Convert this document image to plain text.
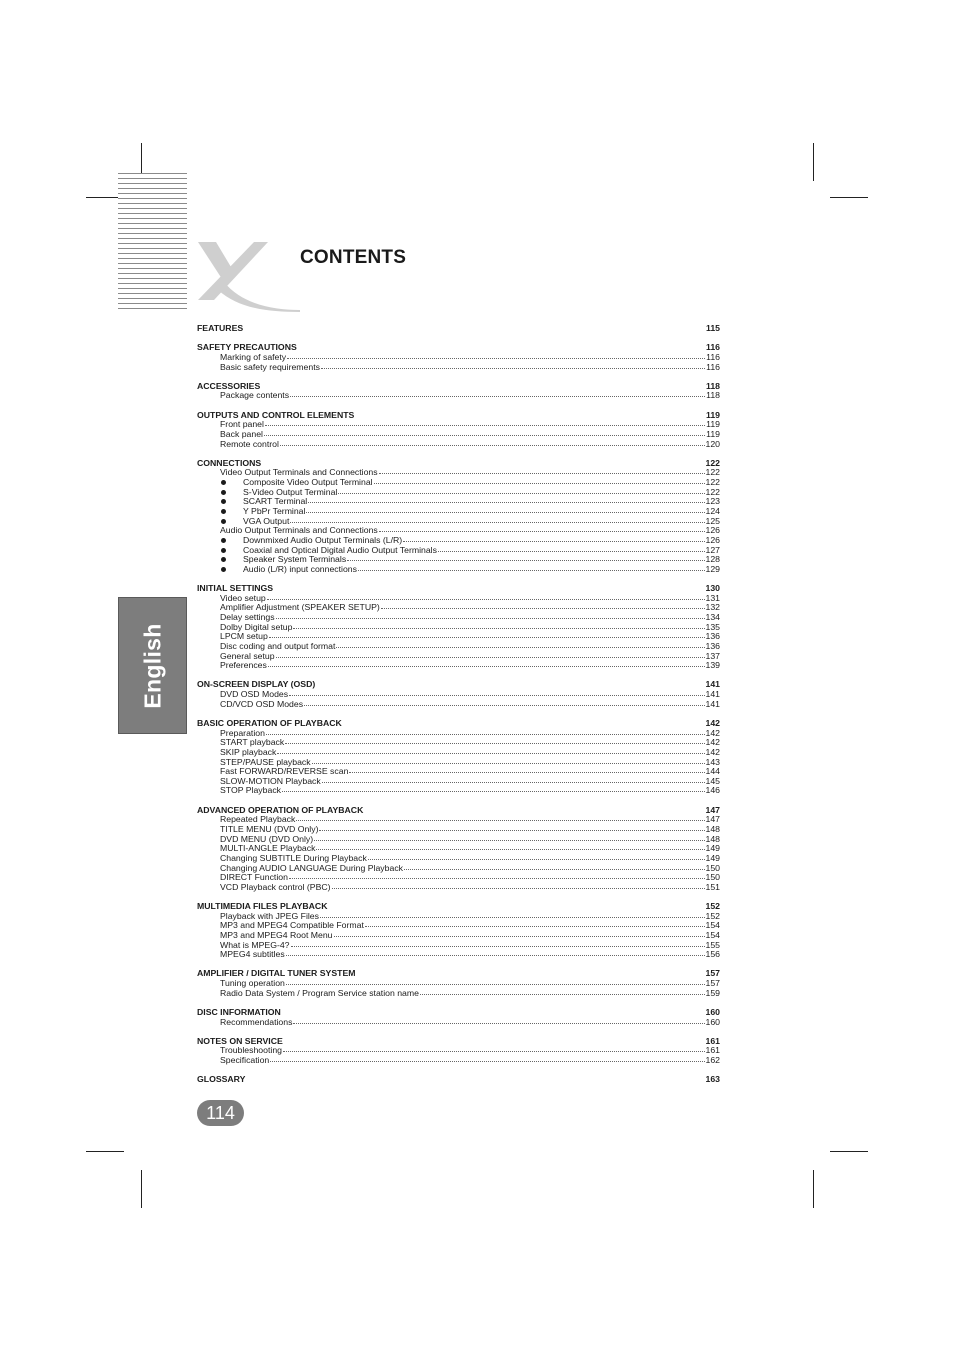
CONTENTS
English
FEATURES	115
SAFETY PRECAUTIONS	116
Marking of safety	116
Basic safety requirements	116
ACCESSORIES	118
Package contents	118
OUTPUTS AND CONTROL ELEMENTS	119
Front panel	119
Back panel	119
Remote control	120
CONNECTIONS	122
Video Output Terminals and Connections	122
Composite Video Output Terminal	122
S-Video Output Terminal	122
SCART Terminal	123
Y PbPr Terminal	124
VGA Output	125
Audio Output Terminals and Connections	126
Downmixed Audio Output Terminals (L/R)	126
Coaxial and Optical Digital Audio Output Terminals	127
Speaker System Terminals	128
Audio (L/R) input connections	129
INITIAL SETTINGS	130
Video setup	131
Amplifier Adjustment (SPEAKER SETUP)	132
Delay settings	134
Dolby Digital setup	135
LPCM setup	136
Disc coding and output format	136
General setup	137
Preferences	139
ON-SCREEN DISPLAY (OSD)	141
DVD OSD Modes	141
CD/VCD OSD Modes	141
BASIC OPERATION OF PLAYBACK	142
Preparation	142
START playback	142
SKIP playback	142
STEP/PAUSE playback	143
Fast FORWARD/REVERSE scan	144
SLOW-MOTION Playback	145
STOP Playback	146
ADVANCED OPERATION OF PLAYBACK	147
Repeated Playback	147
TITLE MENU (DVD Only)	148
DVD MENU (DVD Only)	148
MULTI-ANGLE Playback	149
Changing SUBTITLE During Playback	149
Changing AUDIO LANGUAGE During Playback	150
DIRECT Function	150
VCD Playback control (PBC)	151
MULTIMEDIA FILES PLAYBACK	152
Playback with JPEG Files	152
MP3 and MPEG4 Compatible Format	154
MP3 and MPEG4 Root Menu	154
What is MPEG-4?	155
MPEG4 subtitles	156
AMPLIFIER / DIGITAL TUNER SYSTEM	157
Tuning operation	157
Radio Data System / Program Service station name	159
DISC INFORMATION	160
Recommendations	160
NOTES ON SERVICE	161
Troubleshooting	161
Specification	162
GLOSSARY	163
114
